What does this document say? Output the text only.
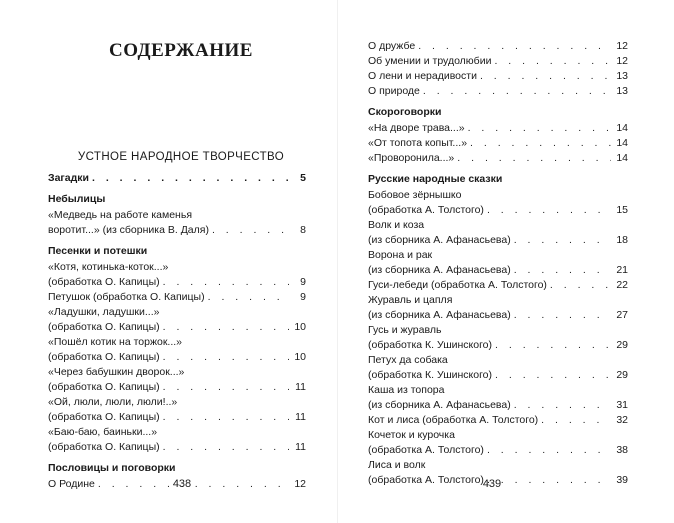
СОДЕРЖАНИЕ
УСТНОЕ НАРОДНОЕ ТВОРЧЕСТВО
Загадки . . .	5
Небылицы
«Медведь на работе каменья
воротит...» (из сборника В. Даля) . . .	8
Песенки и потешки
«Котя, котинька-коток...»
(обработка О. Капицы) . . .	9
Петушок (обработка О. Капицы) . . .	9
«Ладушки, ладушки...»
(обработка О. Капицы) . . .	10
«Пошёл котик на торжок...»
(обработка О. Капицы) . . .	10
«Через бабушкин дворок...»
(обработка О. Капицы) . . .	11
«Ой, люли, люли, люли!..»
(обработка О. Капицы) . . .	11
«Баю-баю, баиньки...»
(обработка О. Капицы) . . .	11
Пословицы и поговорки
О Родине . . .	12
438
О дружбе . . .	12
Об умении и трудолюбии . . .	12
О лени и нерадивости . . .	13
О природе . . .	13
Скороговорки
«На дворе трава...» . . .	14
«От топота копыт...» . . .	14
«Проворонила...» . . .	14
Русские народные сказки
Бобовое зёрнышко
(обработка А. Толстого) . . .	15
Волк и коза
(из сборника А. Афанасьева) . . .	18
Ворона и рак
(из сборника А. Афанасьева) . . .	21
Гуси-лебеди (обработка А. Толстого) . . .	22
Журавль и цапля
(из сборника А. Афанасьева) . . .	27
Гусь и журавль
(обработка К. Ушинского) . . .	29
Петух да собака
(обработка К. Ушинского) . . .	29
Каша из топора
(из сборника А. Афанасьева) . . .	31
Кот и лиса (обработка А. Толстого) . . .	32
Кочеток и курочка
(обработка А. Толстого) . . .	38
Лиса и волк
(обработка А. Толстого) . . .	39
439
